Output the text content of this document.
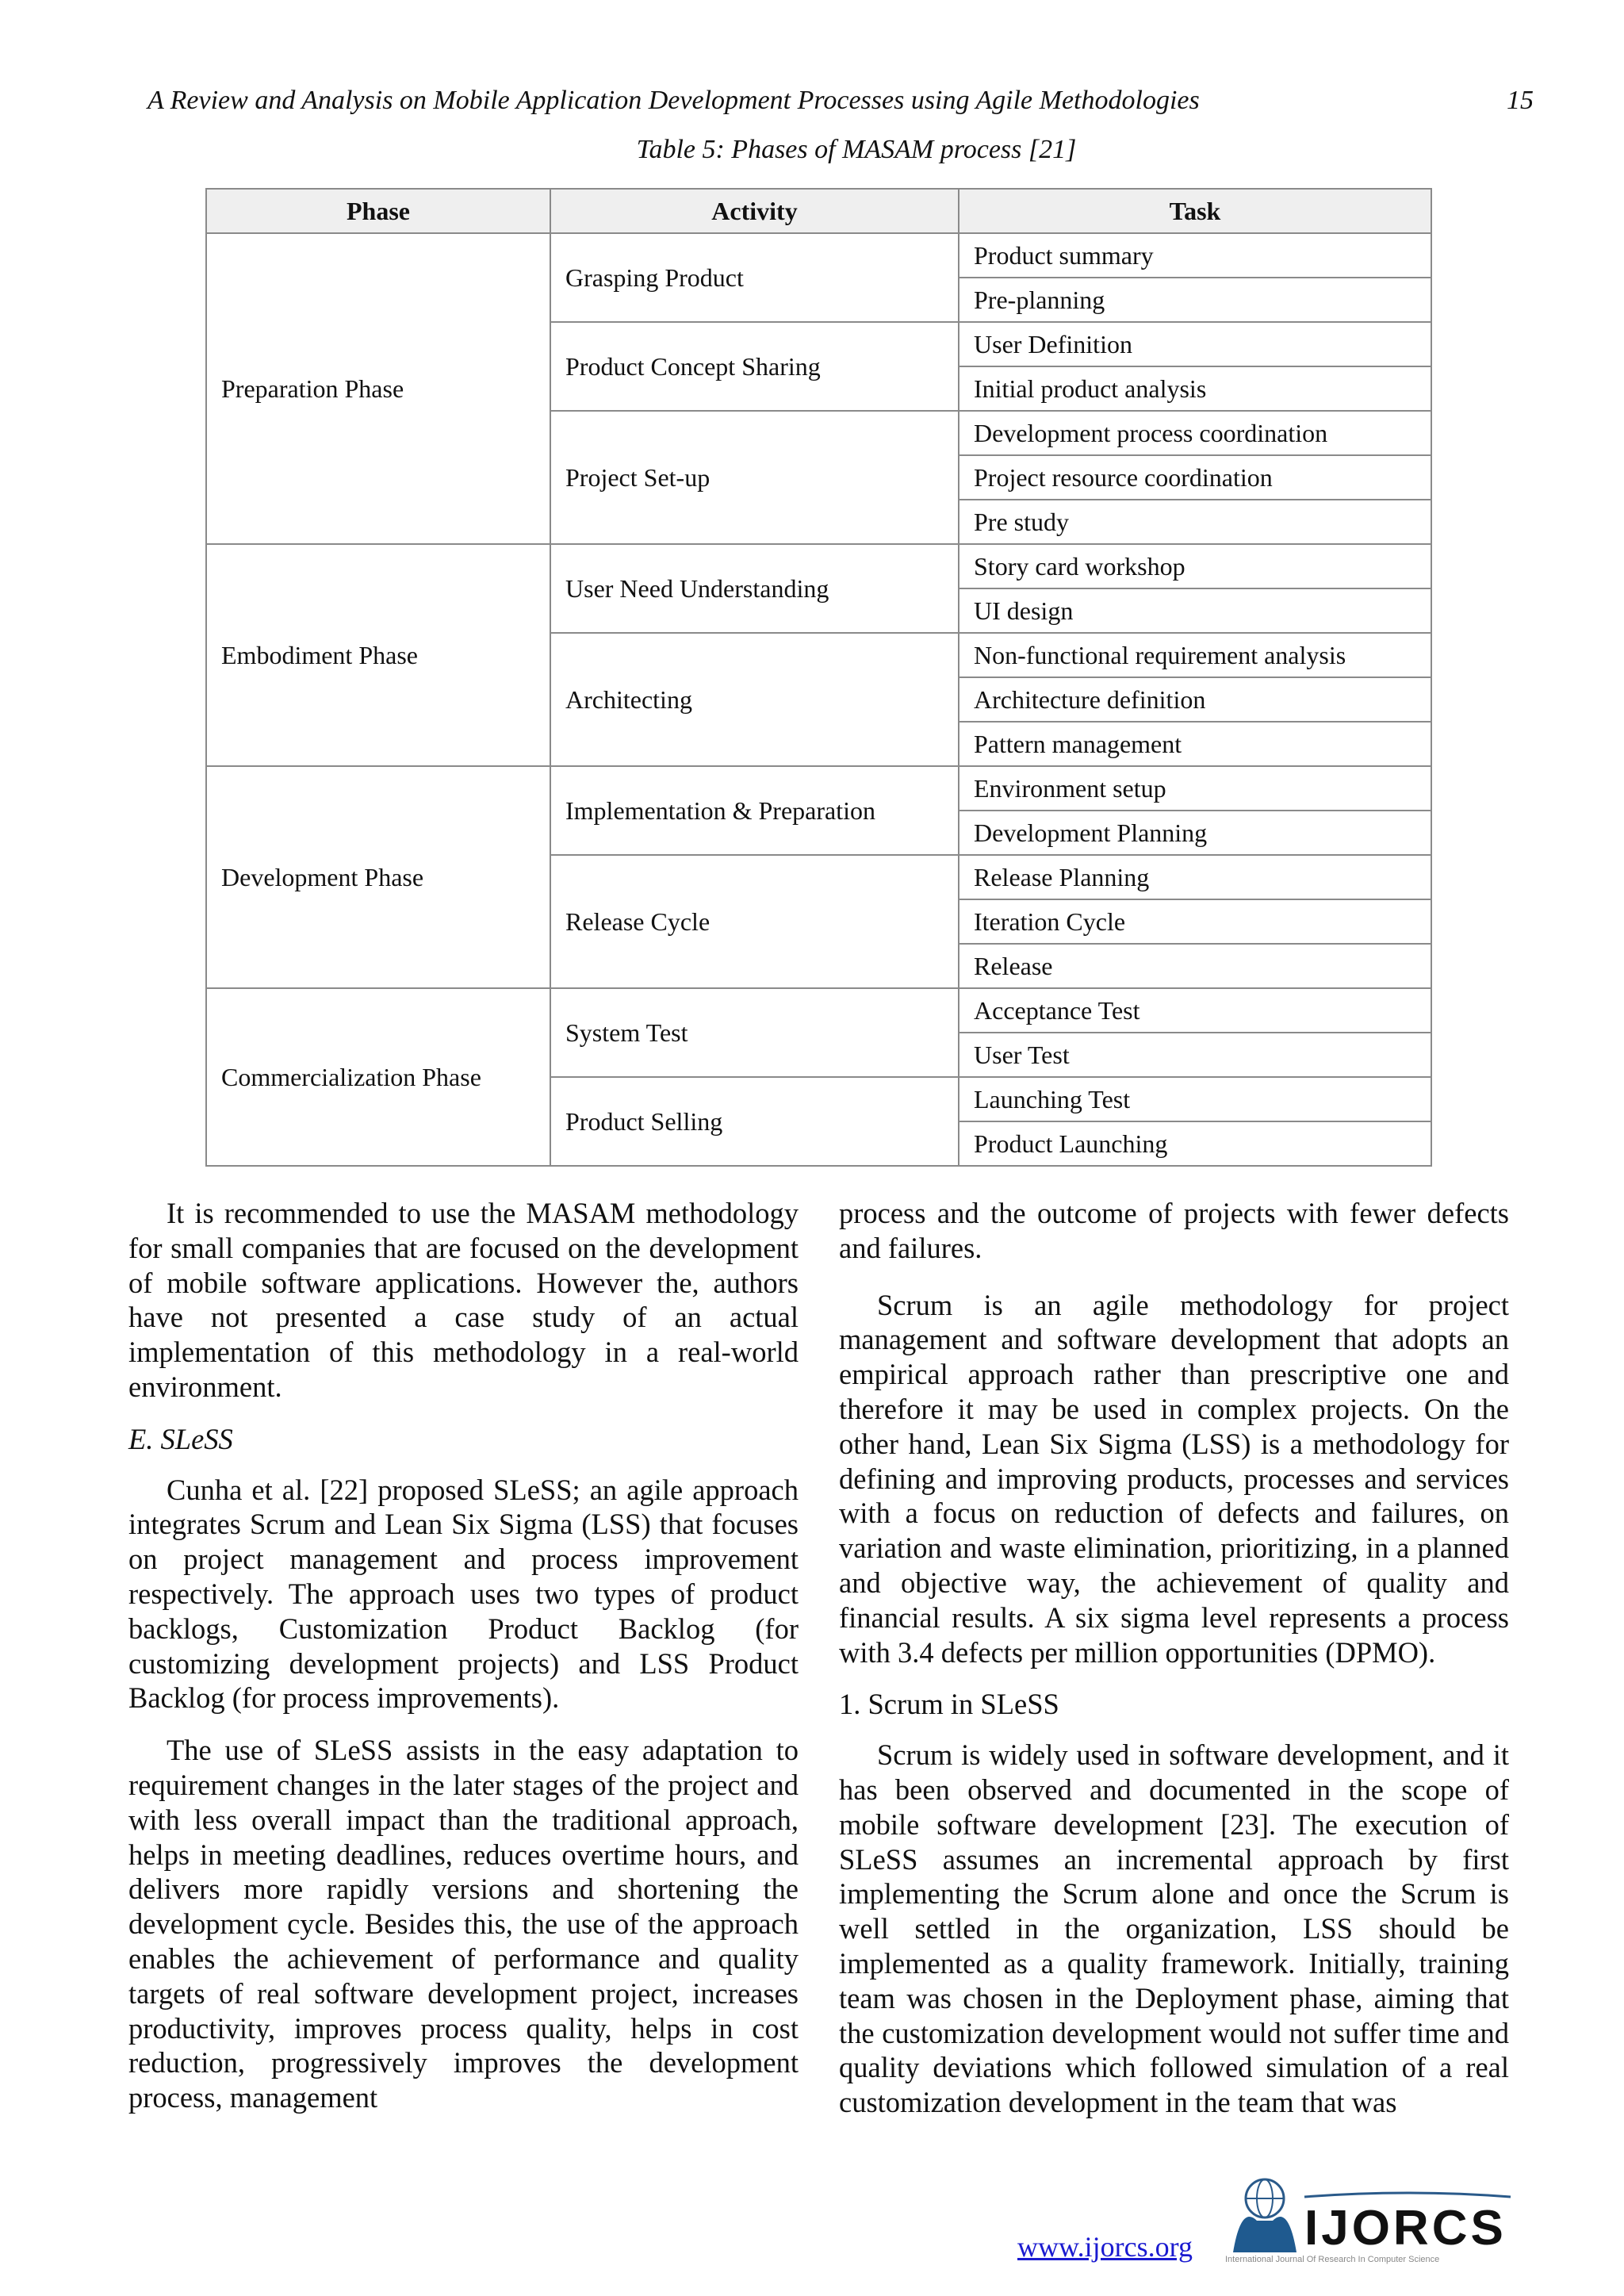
A Review and Analysis on Mobile Application Development Processes using Agile Methodologies	15
Table 5: Phases of MASAM process [21]
Phase	Activity	Task
Preparation Phase	Grasping Product	Product summary
		Pre-planning
	Product Concept Sharing	User Definition
		Initial product analysis
	Project Set-up	Development process coordination
		Project resource coordination
		Pre study
Embodiment Phase	User Need Understanding	Story card workshop
		UI design
	Architecting	Non-functional requirement analysis
		Architecture definition
		Pattern management
Development Phase	Implementation & Preparation	Environment setup
		Development Planning
	Release Cycle	Release Planning
		Iteration Cycle
		Release
Commercialization Phase	System Test	Acceptance Test
		User Test
	Product Selling	Launching Test
		Product Launching

It is recommended to use the MASAM methodology for small companies that are focused on the development of mobile software applications. However the, authors have not presented a case study of an actual implementation of this methodology in a real-world environment.

E. SLeSS

Cunha et al. [22] proposed SLeSS; an agile approach integrates Scrum and Lean Six Sigma (LSS) that focuses on project management and process improvement respectively. The approach uses two types of product backlogs, Customization Product Backlog (for customizing development projects) and LSS Product Backlog (for process improvements).

The use of SLeSS assists in the easy adaptation to requirement changes in the later stages of the project and with less overall impact than the traditional approach, helps in meeting deadlines, reduces overtime hours, and delivers more rapidly versions and shortening the development cycle. Besides this, the use of the approach enables the achievement of performance and quality targets of real software development project, increases productivity, improves process quality, helps in cost reduction, progressively improves the development process, management

process and the outcome of projects with fewer defects and failures.

Scrum is an agile methodology for project management and software development that adopts an empirical approach rather than prescriptive one and therefore it may be used in complex projects. On the other hand, Lean Six Sigma (LSS) is a methodology for defining and improving products, processes and services with a focus on reduction of defects and failures, on variation and waste elimination, prioritizing, in a planned and objective way, the achievement of quality and financial results. A six sigma level represents a process with 3.4 defects per million opportunities (DPMO).

1. Scrum in SLeSS

Scrum is widely used in software development, and it has been observed and documented in the scope of mobile software development [23]. The execution of SLeSS assumes an incremental approach by first implementing the Scrum alone and once the Scrum is well settled in the organization, LSS should be implemented as a quality framework. Initially, training team was chosen in the Deployment phase, aiming that the customization development would not suffer time and quality deviations which followed simulation of a real customization development in the team that was

www.ijorcs.org IJORCS
International Journal Of Research In Computer Science
